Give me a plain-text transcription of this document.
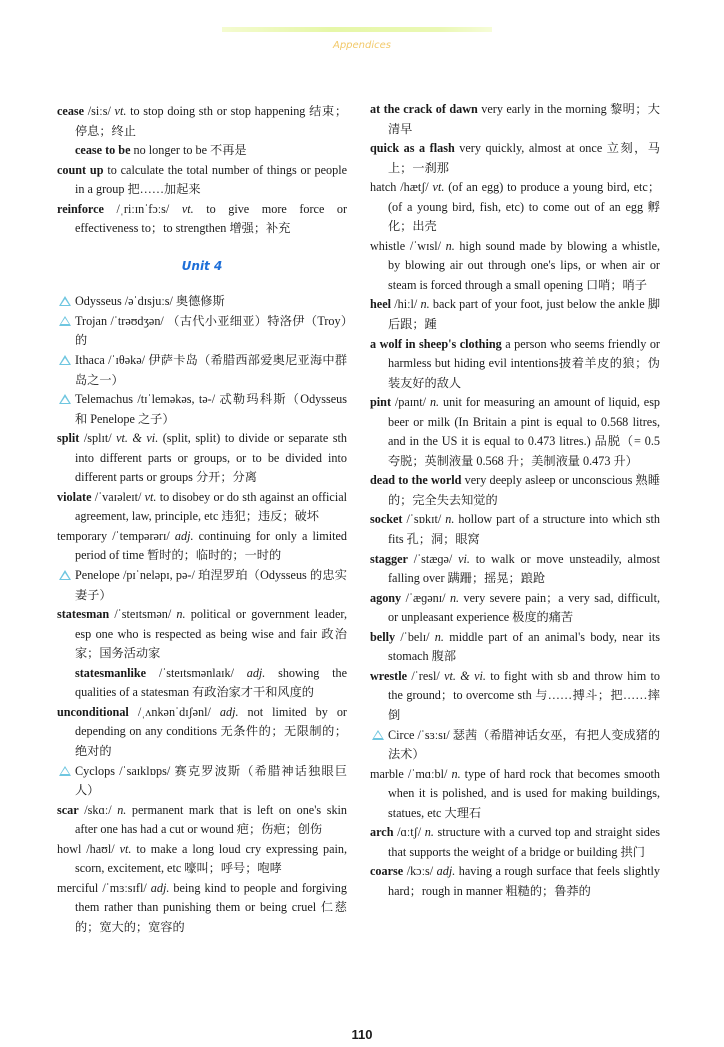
Appendices
cease /siːs/ vt. to stop doing sth or stop happening 结束；停息；终止
cease to be no longer to be 不再是
count up to calculate the total number of things or people in a group 把……加起来
reinforce /ˌriːɪnˈfɔːs/ vt. to give more force or effectiveness to；to strengthen 增强；补充
Unit 4
Odysseus /əˈdɪsjuːs/ 奥德修斯
Trojan /ˈtrəʊdʒən/ （古代小亚细亚）特洛伊（Troy）的
Ithaca /ˈɪθəkə/ 伊萨卡岛（希腊西部爱奥尼亚海中群岛之一）
Telemachus /tɪˈleməkəs, tə-/ 忒勒玛科斯（Odysseus 和 Penelope 之子）
split /splɪt/ vt. & vi. (split, split) to divide or separate sth into different parts or groups, or to be divided into different parts or groups 分开；分离
violate /ˈvaɪəleɪt/ vt. to disobey or do sth against an official agreement, law, principle, etc 违犯；违反；破坏
temporary /ˈtempərərɪ/ adj. continuing for only a limited period of time 暂时的；临时的；一时的
Penelope /pɪˈneləpɪ, pə-/ 珀涅罗珀（Odysseus 的忠实妻子）
statesman /ˈsteɪtsmən/ n. political or government leader, esp one who is respected as being wise and fair 政治家；国务活动家
statesmanlike /ˈsteɪtsmənlaɪk/ adj. showing the qualities of a statesman 有政治家才干和风度的
unconditional /ˌʌnkənˈdɪʃənl/ adj. not limited by or depending on any conditions 无条件的；无限制的；绝对的
Cyclops /ˈsaɪklɒps/ 赛克罗波斯（希腊神话独眼巨人）
scar /skɑː/ n. permanent mark that is left on one's skin after one has had a cut or wound 疤；伤疤；创伤
howl /haʊl/ vt. to make a long loud cry expressing pain, scorn, excitement, etc 嚎叫；呼号；咆哮
merciful /ˈmɜːsɪfl/ adj. being kind to people and forgiving them rather than punishing them or being cruel 仁慈的；宽大的；宽容的
at the crack of dawn very early in the morning 黎明；大清早
quick as a flash very quickly, almost at once 立刻，马上；一刹那
hatch /hætʃ/ vt. (of an egg) to produce a young bird, etc；(of a young bird, fish, etc) to come out of an egg 孵化；出壳
whistle /ˈwɪsl/ n. high sound made by blowing a whistle, by blowing air out through one's lips, or when air or steam is forced through a small opening 口哨；哨子
heel /hiːl/ n. back part of your foot, just below the ankle 脚后跟；踵
a wolf in sheep's clothing a person who seems friendly or harmless but hiding evil intentions披着羊皮的狼；伪装友好的敌人
pint /paɪnt/ n. unit for measuring an amount of liquid, esp beer or milk (In Britain a pint is equal to 0.568 litres, and in the US it is equal to 0.473 litres.) 品脱（= 0.5 夸脱；英制液量 0.568 升；美制液量 0.473 升）
dead to the world very deeply asleep or unconscious 熟睡的；完全失去知觉的
socket /ˈsɒkɪt/ n. hollow part of a structure into which sth fits 孔；洞；眼窝
stagger /ˈstæɡə/ vi. to walk or move unsteadily, almost falling over 蹒跚；摇晃；踉跄
agony /ˈæɡənɪ/ n. very severe pain；a very sad, difficult, or unpleasant experience 极度的痛苦
belly /ˈbelɪ/ n. middle part of an animal's body, near its stomach 腹部
wrestle /ˈresl/ vt. & vi. to fight with sb and throw him to the ground；to overcome sth 与……搏斗；把……摔倒
Circe /ˈsɜːsɪ/ 瑟茜（希腊神话女巫，有把人变成猪的法术）
marble /ˈmɑːbl/ n. type of hard rock that becomes smooth when it is polished, and is used for making buildings, statues, etc 大理石
arch /ɑːtʃ/ n. structure with a curved top and straight sides that supports the weight of a bridge or building 拱门
coarse /kɔːs/ adj. having a rough surface that feels slightly hard；rough in manner 粗糙的；鲁莽的
110
